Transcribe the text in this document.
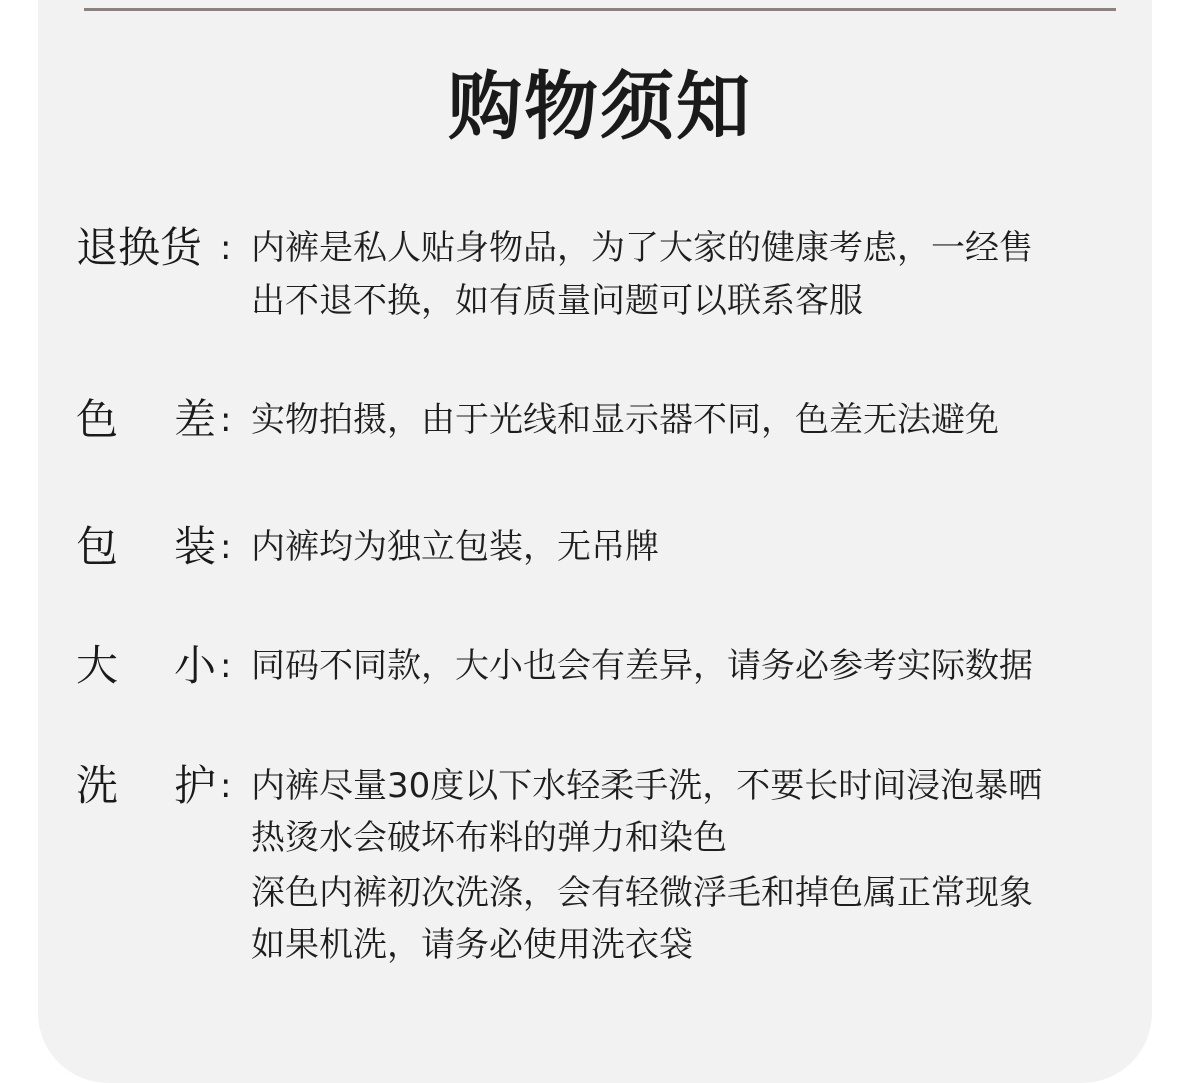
购物须知
退换货 : 内裤是私人贴身物品，为了大家的健康考虑，一经售
出不退不换，如有质量问题可以联系客服
色 差 : 实物拍摄，由于光线和显示器不同，色差无法避免
包 装 : 内裤均为独立包装，无吊牌
大 小 : 同码不同款，大小也会有差异，请务必参考实际数据
洗 护 : 内裤尽量30度以下水轻柔手洗，不要长时间浸泡暴晒
热烫水会破坏布料的弹力和染色
深色内裤初次洗涤，会有轻微浮毛和掉色属正常现象
如果机洗，请务必使用洗衣袋
